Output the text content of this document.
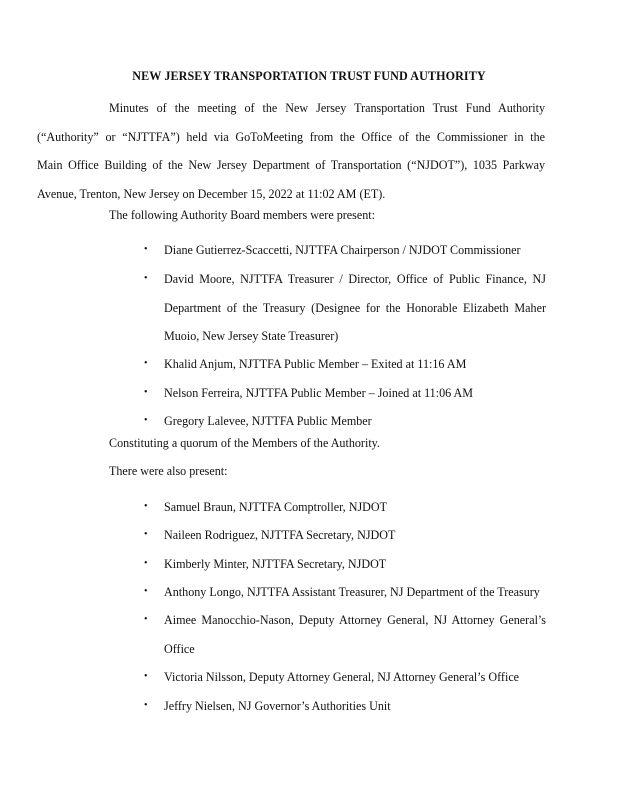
NEW JERSEY TRANSPORTATION TRUST FUND AUTHORITY
Minutes of the meeting of the New Jersey Transportation Trust Fund Authority
(“Authority” or “NJTTFA”) held via GoToMeeting from the Office of the Commissioner in the
Main Office Building of the New Jersey Department of Transportation (“NJDOT”), 1035 Parkway
Avenue, Trenton, New Jersey on December 15, 2022 at 11:02 AM (ET).
The following Authority Board members were present:
• Diane Gutierrez-Scaccetti, NJTTFA Chairperson / NJDOT Commissioner
• David Moore, NJTTFA Treasurer / Director, Office of Public Finance, NJ
Department of the Treasury (Designee for the Honorable Elizabeth Maher
Muoio, New Jersey State Treasurer)
• Khalid Anjum, NJTTFA Public Member – Exited at 11:16 AM
• Nelson Ferreira, NJTTFA Public Member – Joined at 11:06 AM
• Gregory Lalevee, NJTTFA Public Member
Constituting a quorum of the Members of the Authority.
There were also present:
• Samuel Braun, NJTTFA Comptroller, NJDOT
• Naileen Rodriguez, NJTTFA Secretary, NJDOT
• Kimberly Minter, NJTTFA Secretary, NJDOT
• Anthony Longo, NJTTFA Assistant Treasurer, NJ Department of the Treasury
• Aimee Manocchio-Nason, Deputy Attorney General, NJ Attorney General’s
Office
• Victoria Nilsson, Deputy Attorney General, NJ Attorney General’s Office
• Jeffry Nielsen, NJ Governor’s Authorities Unit
